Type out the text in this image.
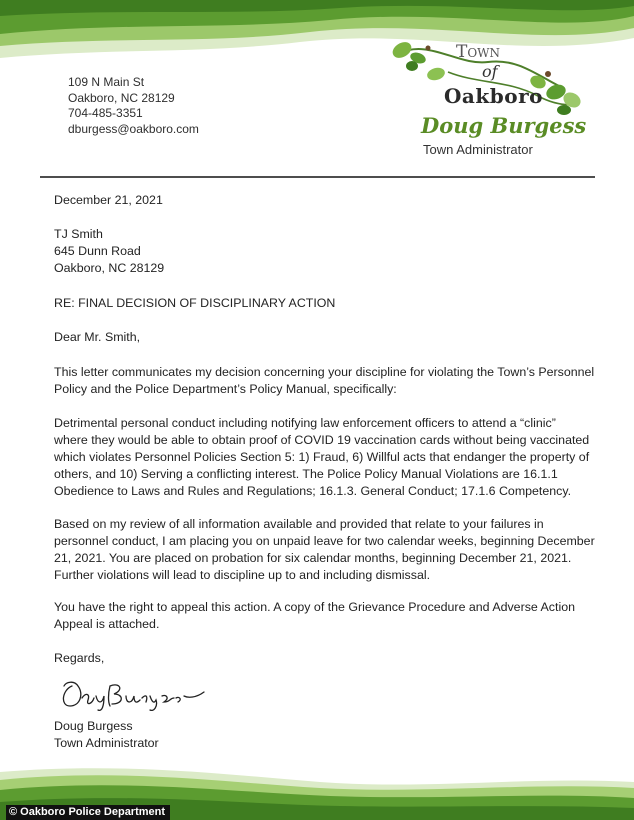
109 N Main St
Oakboro, NC 28129
704-485-3351
dburgess@oakboro.com
Town
of
Oakboro
Doug Burgess
Town Administrator
December 21, 2021
TJ Smith
645 Dunn Road
Oakboro, NC 28129
RE: FINAL DECISION OF DISCIPLINARY ACTION
Dear Mr. Smith,
This letter communicates my decision concerning your discipline for violating the Town’s Personnel
Policy and the Police Department’s Policy Manual, specifically:
Detrimental personal conduct including notifying law enforcement officers to attend a “clinic”
where they would be able to obtain proof of COVID 19 vaccination cards without being vaccinated
which violates Personnel Policies Section 5: 1) Fraud, 6) Willful acts that endanger the property of
others, and 10) Serving a conflicting interest. The Police Policy Manual Violations are 16.1.1
Obedience to Laws and Rules and Regulations; 16.1.3. General Conduct; 17.1.6 Competency.
Based on my review of all information available and provided that relate to your failures in
personnel conduct, I am placing you on unpaid leave for two calendar weeks, beginning December
21, 2021. You are placed on probation for six calendar months, beginning December 21, 2021.
Further violations will lead to discipline up to and including dismissal.
You have the right to appeal this action. A copy of the Grievance Procedure and Adverse Action
Appeal is attached.
Regards,
Doug Burgess
Town Administrator
© Oakboro Police Department
